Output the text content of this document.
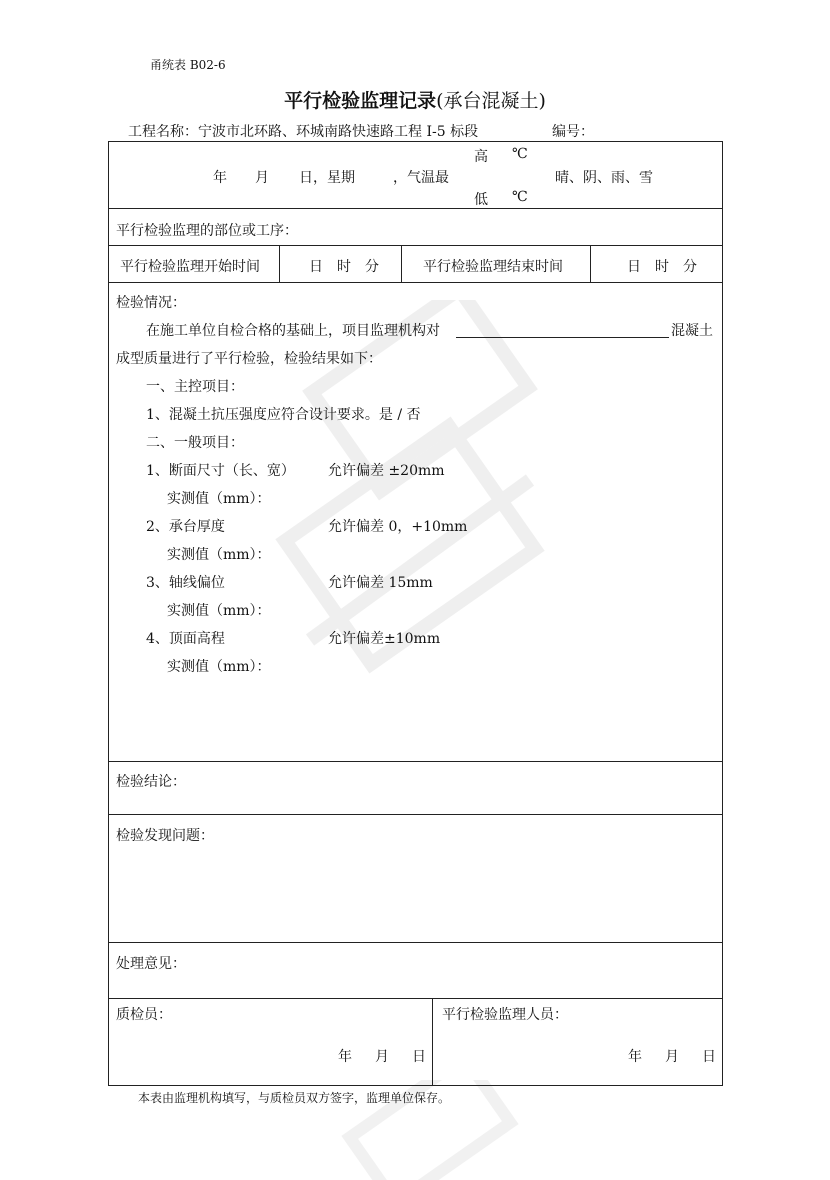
甬统表 B02-6
平行检验监理记录(承台混凝土)
工程名称：宁波市北环路、环城南路快速路工程 I-5 标段	编号：
年 月 日，星期	，气温最
高 ℃
低 ℃
晴、阴、雨、雪
平行检验监理的部位或工序：
平行检验监理开始时间	日　时　分	平行检验监理结束时间	日　时　分
检验情况：
在施工单位自检合格的基础上，项目监理机构对	混凝土
成型质量进行了平行检验，检验结果如下：
一、主控项目：
1、混凝土抗压强度应符合设计要求。是 / 否
二、一般项目：
1、断面尺寸（长、宽） 允许偏差 ±20mm
实测值（mm）：
2、承台厚度	允许偏差 0，+10mm
实测值（mm）：
3、轴线偏位	允许偏差 15mm
实测值（mm）：
4、顶面高程	允许偏差±10mm
实测值（mm）：
检验结论：
检验发现问题：
处理意见：
质检员：
年 月 日
平行检验监理人员：
年 月 日
本表由监理机构填写，与质检员双方签字，监理单位保存。
